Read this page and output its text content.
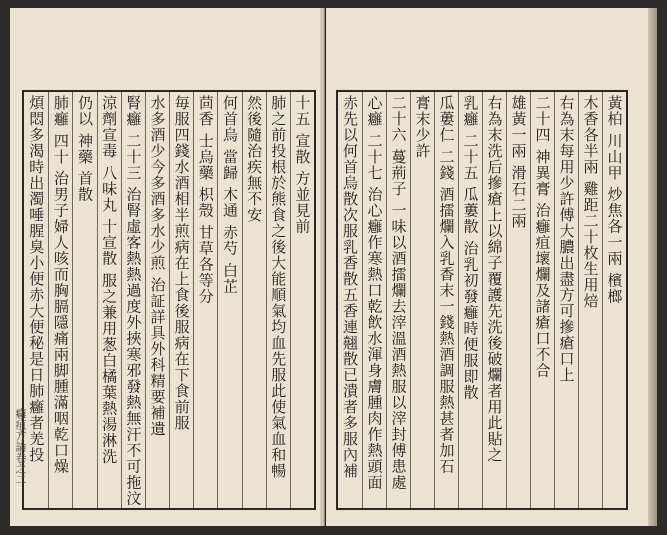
十五 宣散 方並見前
肺之前投根於熊食之後大能順氣均血先服此使氣血和暢
然後隨治疾無不安
何首烏 當歸 木通 赤芍 白芷
茴香 士烏藥 枳殼 甘草各等分
毎服四錢水酒相半煎病在上食後服病在下食前服
水多酒少今多酒多水少煎 治証詳具外科精要補遺
腎癰 二十三 治腎虛客熱熱過度外挾寒邪發熱無汗不可拖汶
涼劑宣毒 八味丸 十宣散 服之兼用葱白橘葉熱湯淋洗
仍以 神藥 首散
肺癰 四十 治男子婦人咳而胸膈隱痛兩脚腫滿咽乾口燥
煩悶多渴時出濁唾腥臭小便赤大便秘是日肺癰者羌投
癰疽方論卷之二
黃柏 川山甲 炒焦各一兩 檳榔
木香各半兩 雞距二十枚生用焙
右為末每用少許傅大膿出盡方可摻瘡口上
二十四 神異膏 治癰疽壞爛及諸瘡口不合
雄黃一兩 滑石二兩
右為末洗后摻瘡上以綿子覆護先洗後破爛者用此貼之
乳癰 二十五 瓜蔞散 治乳初發癰時便服即散
瓜蔞仁 二錢 酒擂爛入乳香末一錢熱酒調服熱甚者加石
膏末少許
二十六 蔓荊子 一味以酒擂爛去滓溫酒熱服以滓封傅患處
心癰 二十七 治心癰作寒熱口乾飲水渾身膚腫肉作熱頭面
赤先以何首烏散次服乳香散五香連翹散已潰者多服內補
